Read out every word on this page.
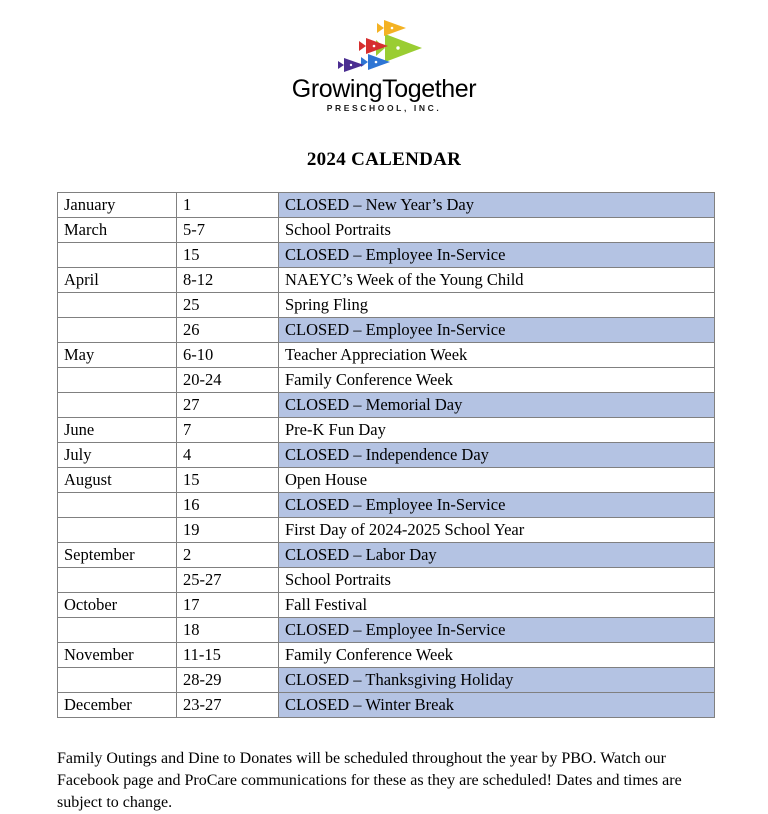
GrowingTogether
PRESCHOOL, INC.
2024 CALENDAR
January	1	CLOSED – New Year’s Day
March	5-7	School Portraits
	15	CLOSED – Employee In-Service
April	8-12	NAEYC’s Week of the Young Child
	25	Spring Fling
	26	CLOSED – Employee In-Service
May	6-10	Teacher Appreciation Week
	20-24	Family Conference Week
	27	CLOSED – Memorial Day
June	7	Pre-K Fun Day
July	4	CLOSED – Independence Day
August	15	Open House
	16	CLOSED – Employee In-Service
	19	First Day of 2024-2025 School Year
September	2	CLOSED – Labor Day
	25-27	School Portraits
October	17	Fall Festival
	18	CLOSED – Employee In-Service
November	11-15	Family Conference Week
	28-29	CLOSED – Thanksgiving Holiday
December	23-27	CLOSED – Winter Break
Family Outings and Dine to Donates will be scheduled throughout the year by PBO. Watch our Facebook page and ProCare communications for these as they are scheduled! Dates and times are subject to change.
